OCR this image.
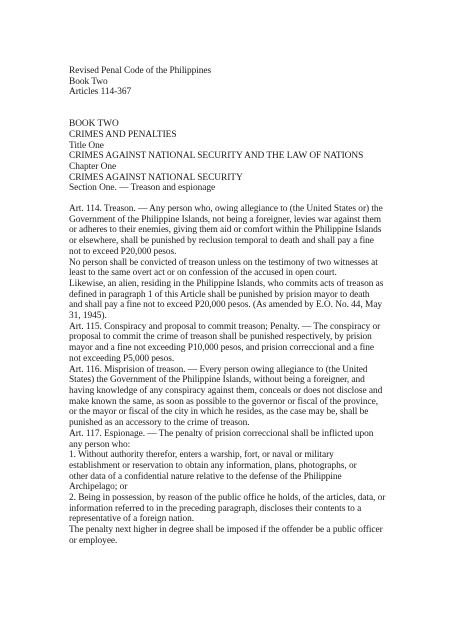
Revised Penal Code of the Philippines
Book Two
Articles 114-367
BOOK TWO
CRIMES AND PENALTIES
Title One
CRIMES AGAINST NATIONAL SECURITY AND THE LAW OF NATIONS
Chapter One
CRIMES AGAINST NATIONAL SECURITY
Section One. — Treason and espionage
Art. 114. Treason. — Any person who, owing allegiance to (the United States or) the
Government of the Philippine Islands, not being a foreigner, levies war against them
or adheres to their enemies, giving them aid or comfort within the Philippine Islands
or elsewhere, shall be punished by reclusion temporal to death and shall pay a fine
not to exceed P20,000 pesos.
No person shall be convicted of treason unless on the testimony of two witnesses at
least to the same overt act or on confession of the accused in open court.
Likewise, an alien, residing in the Philippine Islands, who commits acts of treason as
defined in paragraph 1 of this Article shall be punished by prision mayor to death
and shall pay a fine not to exceed P20,000 pesos. (As amended by E.O. No. 44, May
31, 1945).
Art. 115. Conspiracy and proposal to commit treason; Penalty. — The conspiracy or
proposal to commit the crime of treason shall be punished respectively, by prision
mayor and a fine not exceeding P10,000 pesos, and prision correccional and a fine
not exceeding P5,000 pesos.
Art. 116. Misprision of treason. — Every person owing allegiance to (the United
States) the Government of the Philippine Islands, without being a foreigner, and
having knowledge of any conspiracy against them, conceals or does not disclose and
make known the same, as soon as possible to the governor or fiscal of the province,
or the mayor or fiscal of the city in which he resides, as the case may be, shall be
punished as an accessory to the crime of treason.
Art. 117. Espionage. — The penalty of prision correccional shall be inflicted upon
any person who:
1. Without authority therefor, enters a warship, fort, or naval or military
establishment or reservation to obtain any information, plans, photographs, or
other data of a confidential nature relative to the defense of the Philippine
Archipelago; or
2. Being in possession, by reason of the public office he holds, of the articles, data, or
information referred to in the preceding paragraph, discloses their contents to a
representative of a foreign nation.
The penalty next higher in degree shall be imposed if the offender be a public officer
or employee.
